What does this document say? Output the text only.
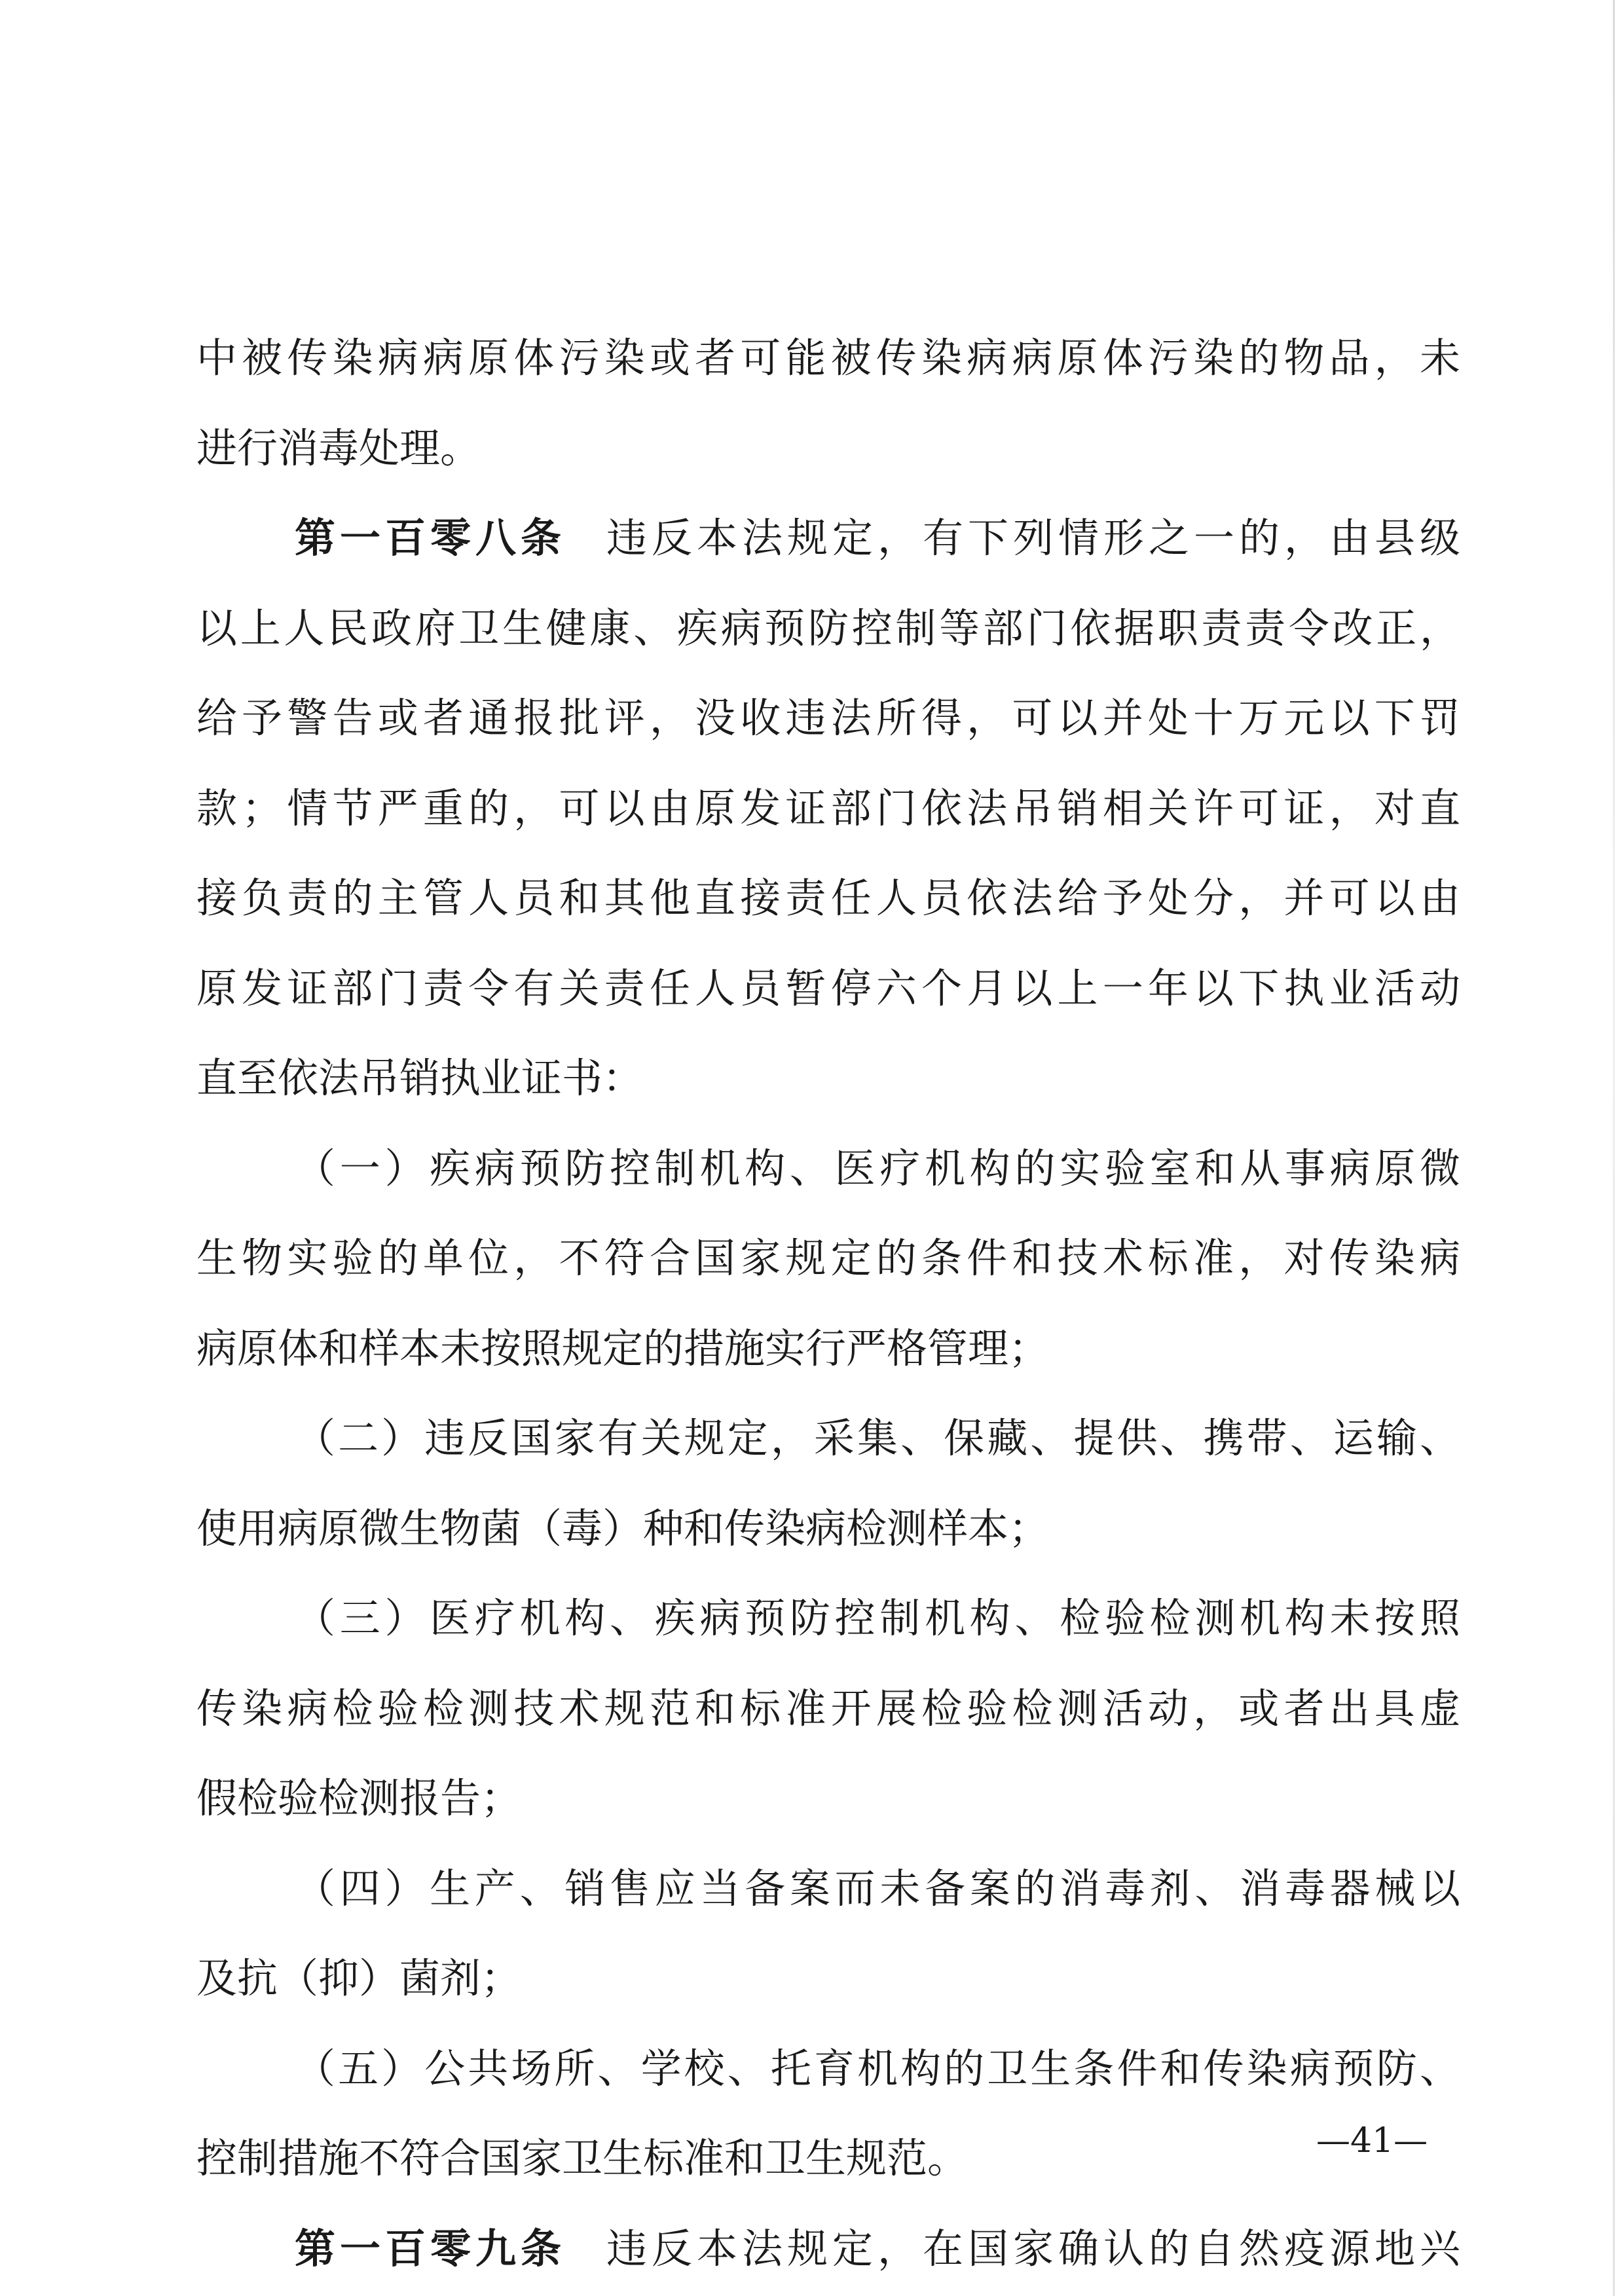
中被传染病病原体污染或者可能被传染病病原体污染的物品，未
进行消毒处理。
第一百零八条 违反本法规定，有下列情形之一的，由县级
以上人民政府卫生健康、疾病预防控制等部门依据职责责令改正，
给予警告或者通报批评，没收违法所得，可以并处十万元以下罚
款；情节严重的，可以由原发证部门依法吊销相关许可证，对直
接负责的主管人员和其他直接责任人员依法给予处分，并可以由
原发证部门责令有关责任人员暂停六个月以上一年以下执业活动
直至依法吊销执业证书：
（一）疾病预防控制机构、医疗机构的实验室和从事病原微
生物实验的单位，不符合国家规定的条件和技术标准，对传染病
病原体和样本未按照规定的措施实行严格管理；
（二）违反国家有关规定，采集、保藏、提供、携带、运输、
使用病原微生物菌（毒）种和传染病检测样本；
（三）医疗机构、疾病预防控制机构、检验检测机构未按照
传染病检验检测技术规范和标准开展检验检测活动，或者出具虚
假检验检测报告；
（四）生产、销售应当备案而未备案的消毒剂、消毒器械以
及抗（抑）菌剂；
（五）公共场所、学校、托育机构的卫生条件和传染病预防、
控制措施不符合国家卫生标准和卫生规范。
第一百零九条 违反本法规定，在国家确认的自然疫源地兴
—41—
